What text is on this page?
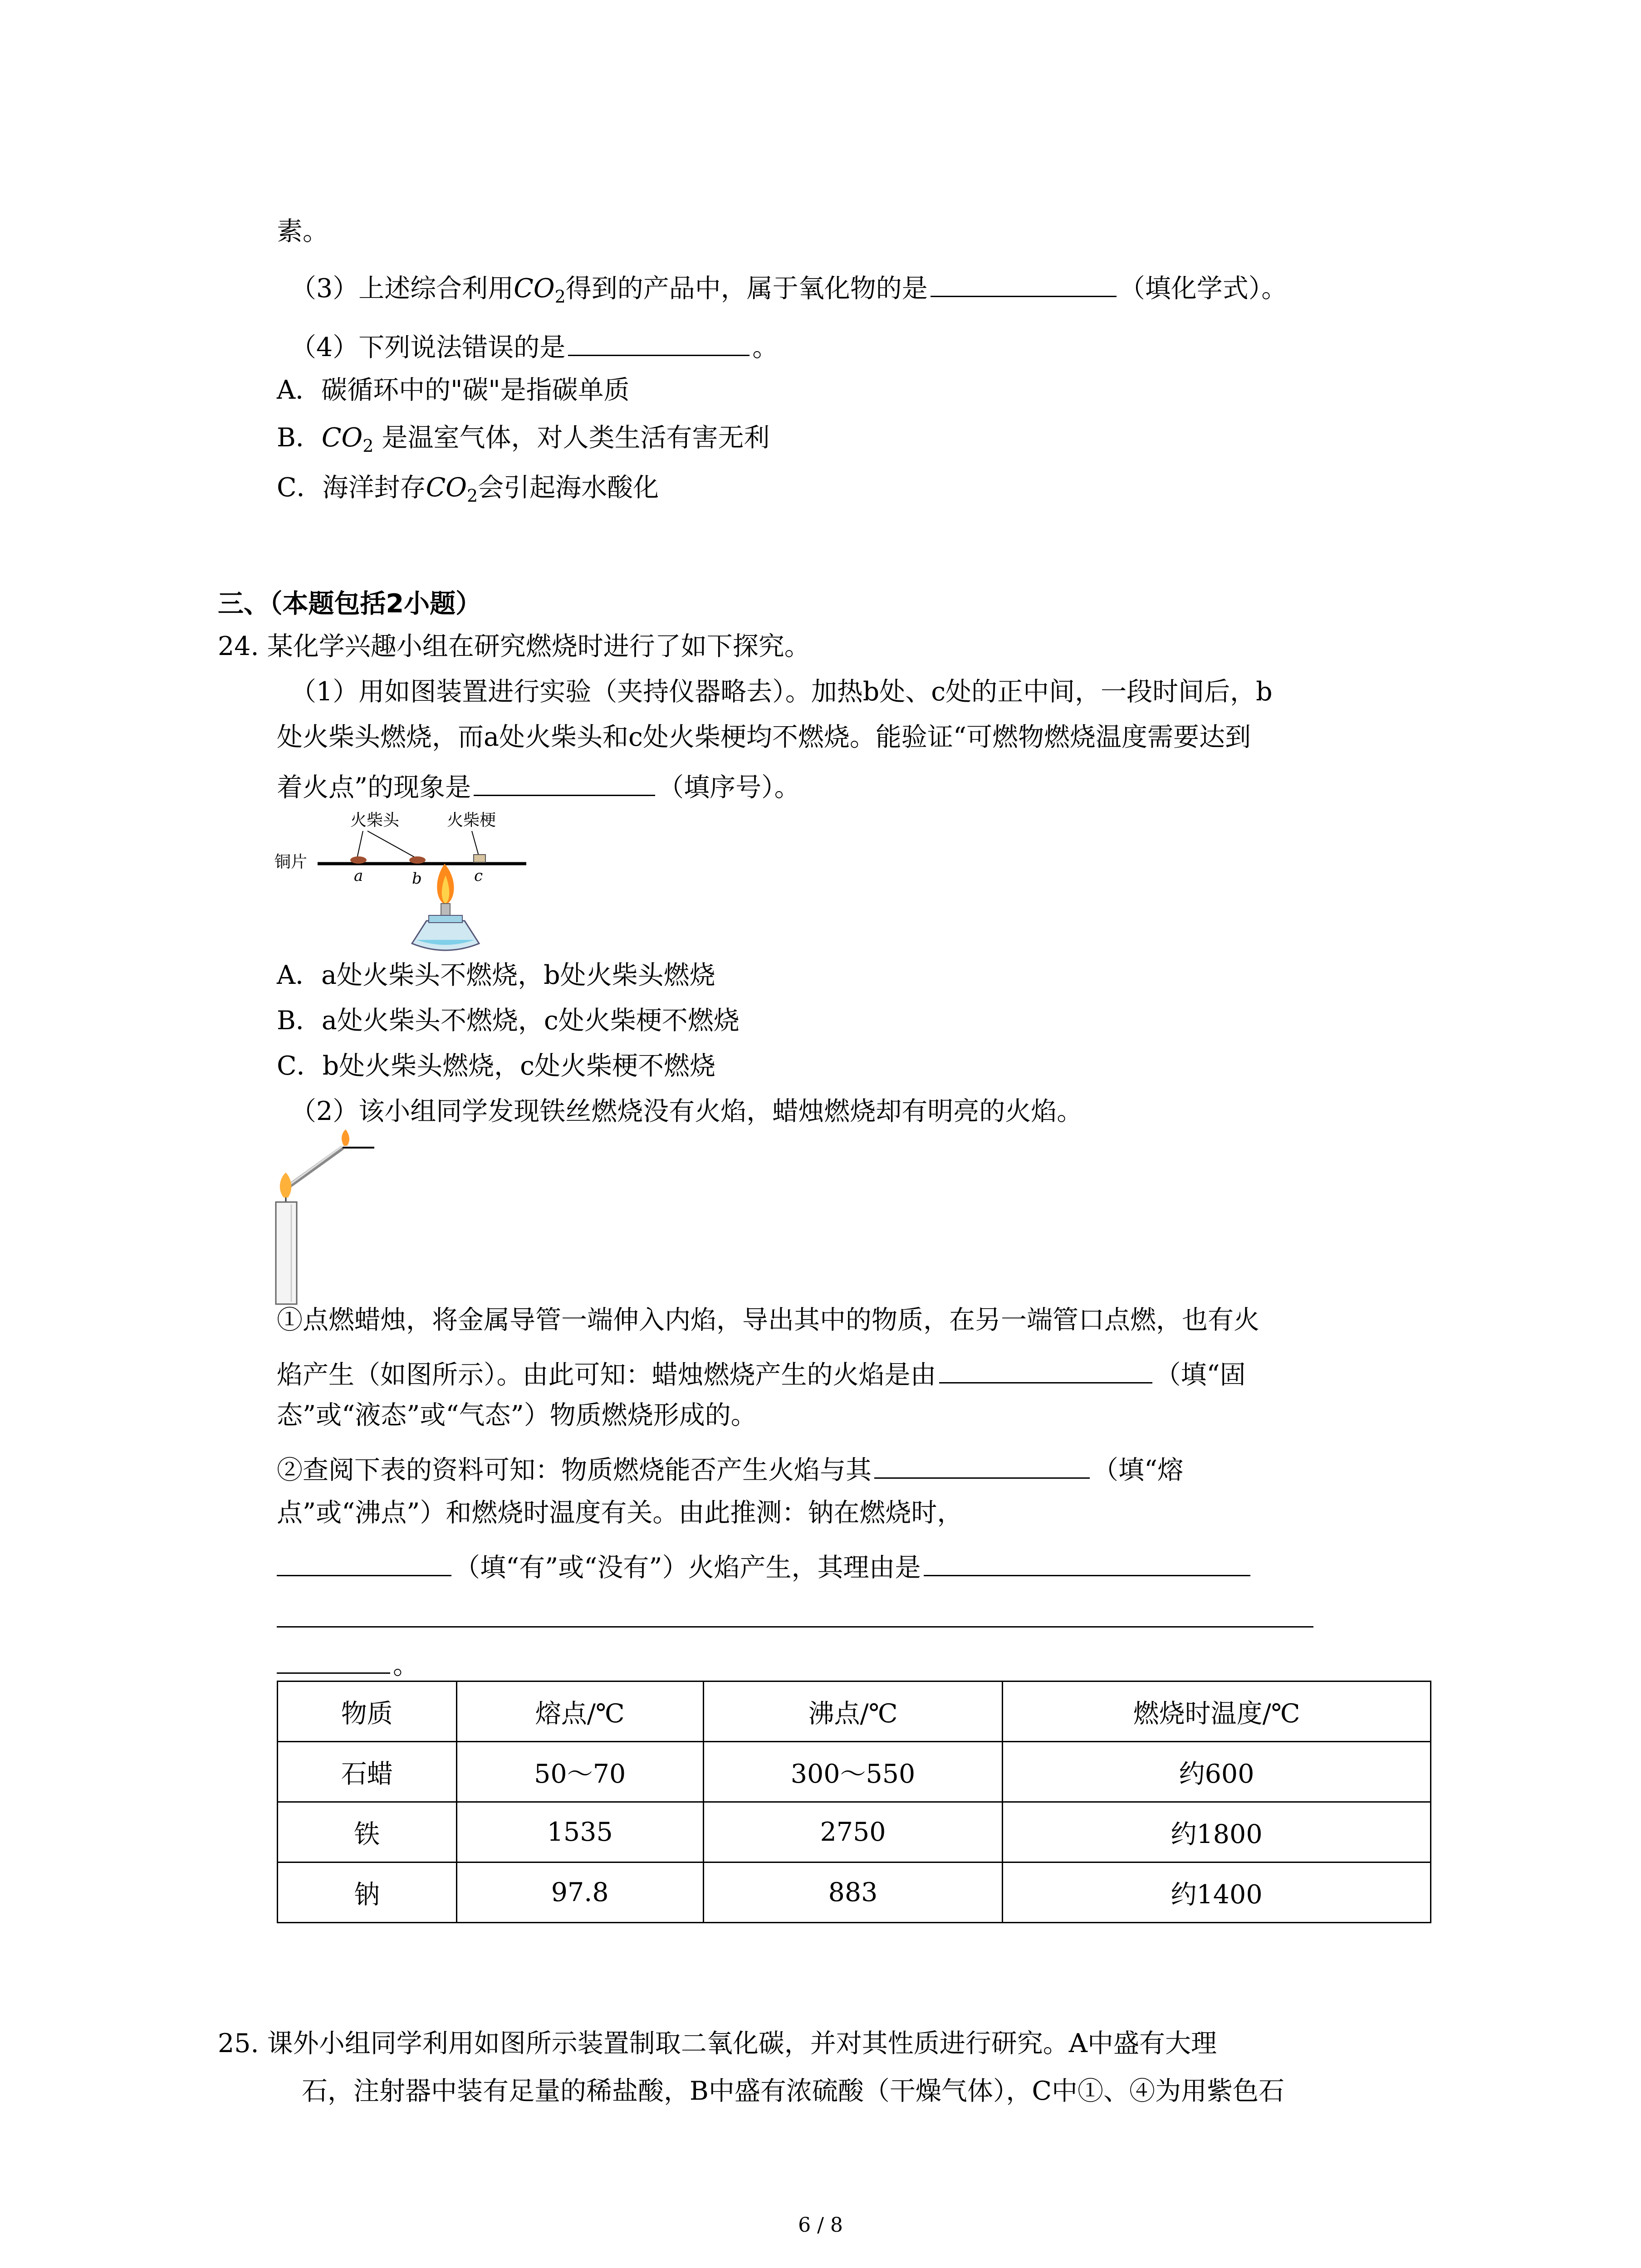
素。
（3）上述综合利用$CO_2$得到的产品中，属于氧化物的是	（填化学式）。
（4）下列说法错误的是	。
A．碳循环中的"碳"是指碳单质
B．$CO_2$ 是温室气体，对人类生活有害无利
C．海洋封存$CO_2$会引起海水酸化
三、（本题包括2小题）
24. 某化学兴趣小组在研究燃烧时进行了如下探究。
（1）用如图装置进行实验（夹持仪器略去）。加热b处、c处的正中间，一段时间后，b
处火柴头燃烧，而a处火柴头和c处火柴梗均不燃烧。能验证“可燃物燃烧温度需要达到
着火点”的现象是	（填序号）。
火柴头	火柴梗
铜片
a	b	c
A．a处火柴头不燃烧，b处火柴头燃烧
B．a处火柴头不燃烧，c处火柴梗不燃烧
C．b处火柴头燃烧，c处火柴梗不燃烧
（2）该小组同学发现铁丝燃烧没有火焰，蜡烛燃烧却有明亮的火焰。
①点燃蜡烛，将金属导管一端伸入内焰，导出其中的物质，在另一端管口点燃，也有火
焰产生（如图所示）。由此可知：蜡烛燃烧产生的火焰是由	（填“固
态”或“液态”或“气态”）物质燃烧形成的。
②查阅下表的资料可知：物质燃烧能否产生火焰与其	（填“熔
点”或“沸点”）和燃烧时温度有关。由此推测：钠在燃烧时，
（填“有”或“没有”）火焰产生，其理由是
。
物质	熔点/℃	沸点/℃	燃烧时温度/℃
石蜡	50～70	300～550	约600
铁	1535	2750	约1800
钠	97.8	883	约1400
25. 课外小组同学利用如图所示装置制取二氧化碳，并对其性质进行研究。A中盛有大理
石，注射器中装有足量的稀盐酸，B中盛有浓硫酸（干燥气体），C中①、④为用紫色石
6 / 8
